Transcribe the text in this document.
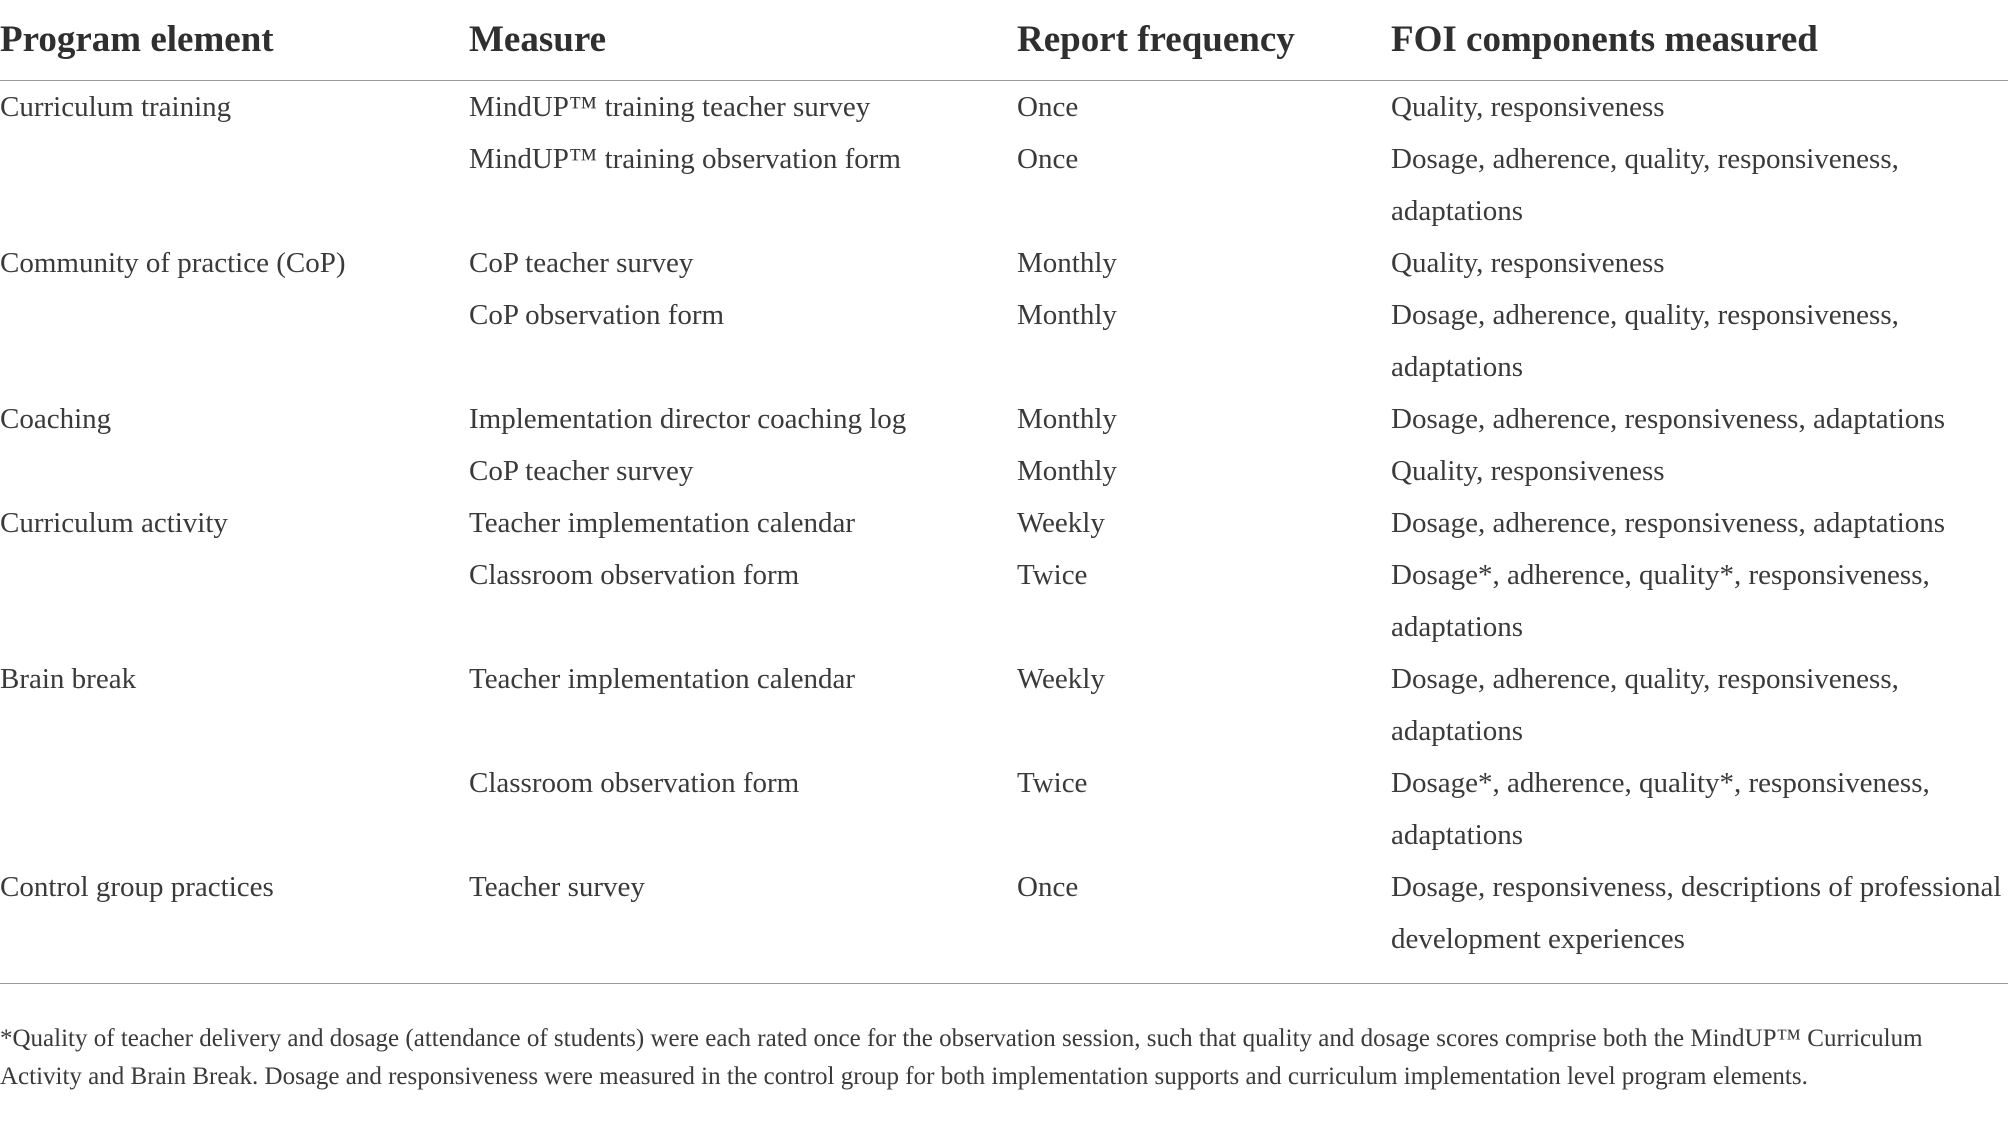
Program element	Measure	Report frequency	FOI components measured
Curriculum training	MindUP™ training teacher survey	Once	Quality, responsiveness
	MindUP™ training observation form	Once	Dosage, adherence, quality, responsiveness, adaptations
Community of practice (CoP)	CoP teacher survey	Monthly	Quality, responsiveness
	CoP observation form	Monthly	Dosage, adherence, quality, responsiveness, adaptations
Coaching	Implementation director coaching log	Monthly	Dosage, adherence, responsiveness, adaptations
	CoP teacher survey	Monthly	Quality, responsiveness
Curriculum activity	Teacher implementation calendar	Weekly	Dosage, adherence, responsiveness, adaptations
	Classroom observation form	Twice	Dosage*, adherence, quality*, responsiveness, adaptations
Brain break	Teacher implementation calendar	Weekly	Dosage, adherence, quality, responsiveness, adaptations
	Classroom observation form	Twice	Dosage*, adherence, quality*, responsiveness, adaptations
Control group practices	Teacher survey	Once	Dosage, responsiveness, descriptions of professional development experiences

*Quality of teacher delivery and dosage (attendance of students) were each rated once for the observation session, such that quality and dosage scores comprise both the MindUP™ Curriculum Activity and Brain Break. Dosage and responsiveness were measured in the control group for both implementation supports and curriculum implementation level program elements.
